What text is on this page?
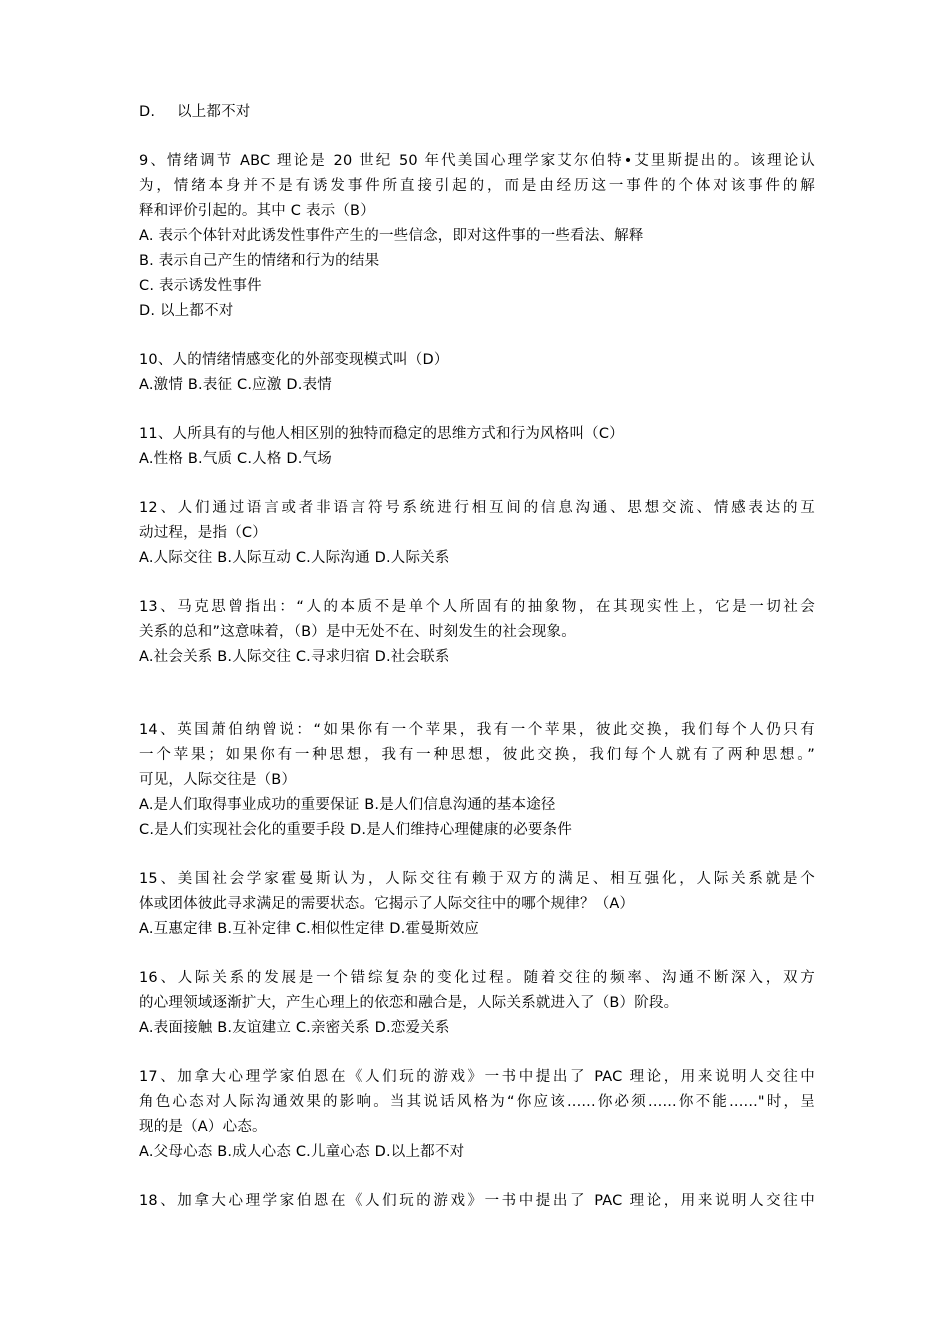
D. 以上都不对
9、情绪调节 ABC 理论是 20 世纪 50 年代美国心理学家艾尔伯特•艾里斯提出的。该理论认
为，情绪本身并不是有诱发事件所直接引起的，而是由经历这一事件的个体对该事件的解
释和评价引起的。其中 C 表示（B）
A. 表示个体针对此诱发性事件产生的一些信念，即对这件事的一些看法、解释
B. 表示自己产生的情绪和行为的结果
C. 表示诱发性事件
D. 以上都不对
10、人的情绪情感变化的外部变现模式叫（D）
A.激情 B.表征 C.应激 D.表情
11、人所具有的与他人相区别的独特而稳定的思维方式和行为风格叫（C）
A.性格 B.气质 C.人格 D.气场
12、人们通过语言或者非语言符号系统进行相互间的信息沟通、思想交流、情感表达的互
动过程，是指（C）
A.人际交往 B.人际互动 C.人际沟通 D.人际关系
13、马克思曾指出：“人的本质不是单个人所固有的抽象物，在其现实性上，它是一切社会
关系的总和”这意味着，（B）是中无处不在、时刻发生的社会现象。
A.社会关系 B.人际交往 C.寻求归宿 D.社会联系
14、英国萧伯纳曾说：“如果你有一个苹果，我有一个苹果，彼此交换，我们每个人仍只有
一个苹果；如果你有一种思想，我有一种思想，彼此交换，我们每个人就有了两种思想。”
可见，人际交往是（B）
A.是人们取得事业成功的重要保证 B.是人们信息沟通的基本途径
C.是人们实现社会化的重要手段 D.是人们维持心理健康的必要条件
15、美国社会学家霍曼斯认为，人际交往有赖于双方的满足、相互强化，人际关系就是个
体或团体彼此寻求满足的需要状态。它揭示了人际交往中的哪个规律？（A）
A.互惠定律 B.互补定律 C.相似性定律 D.霍曼斯效应
16、人际关系的发展是一个错综复杂的变化过程。随着交往的频率、沟通不断深入，双方
的心理领域逐渐扩大，产生心理上的依恋和融合是，人际关系就进入了（B）阶段。
A.表面接触 B.友谊建立 C.亲密关系 D.恋爱关系
17、加拿大心理学家伯恩在《人们玩的游戏》一书中提出了 PAC 理论，用来说明人交往中
角色心态对人际沟通效果的影响。当其说话风格为“你应该......你必须......你不能......"时，呈
现的是（A）心态。
A.父母心态 B.成人心态 C.儿童心态 D.以上都不对
18、加拿大心理学家伯恩在《人们玩的游戏》一书中提出了 PAC 理论，用来说明人交往中
